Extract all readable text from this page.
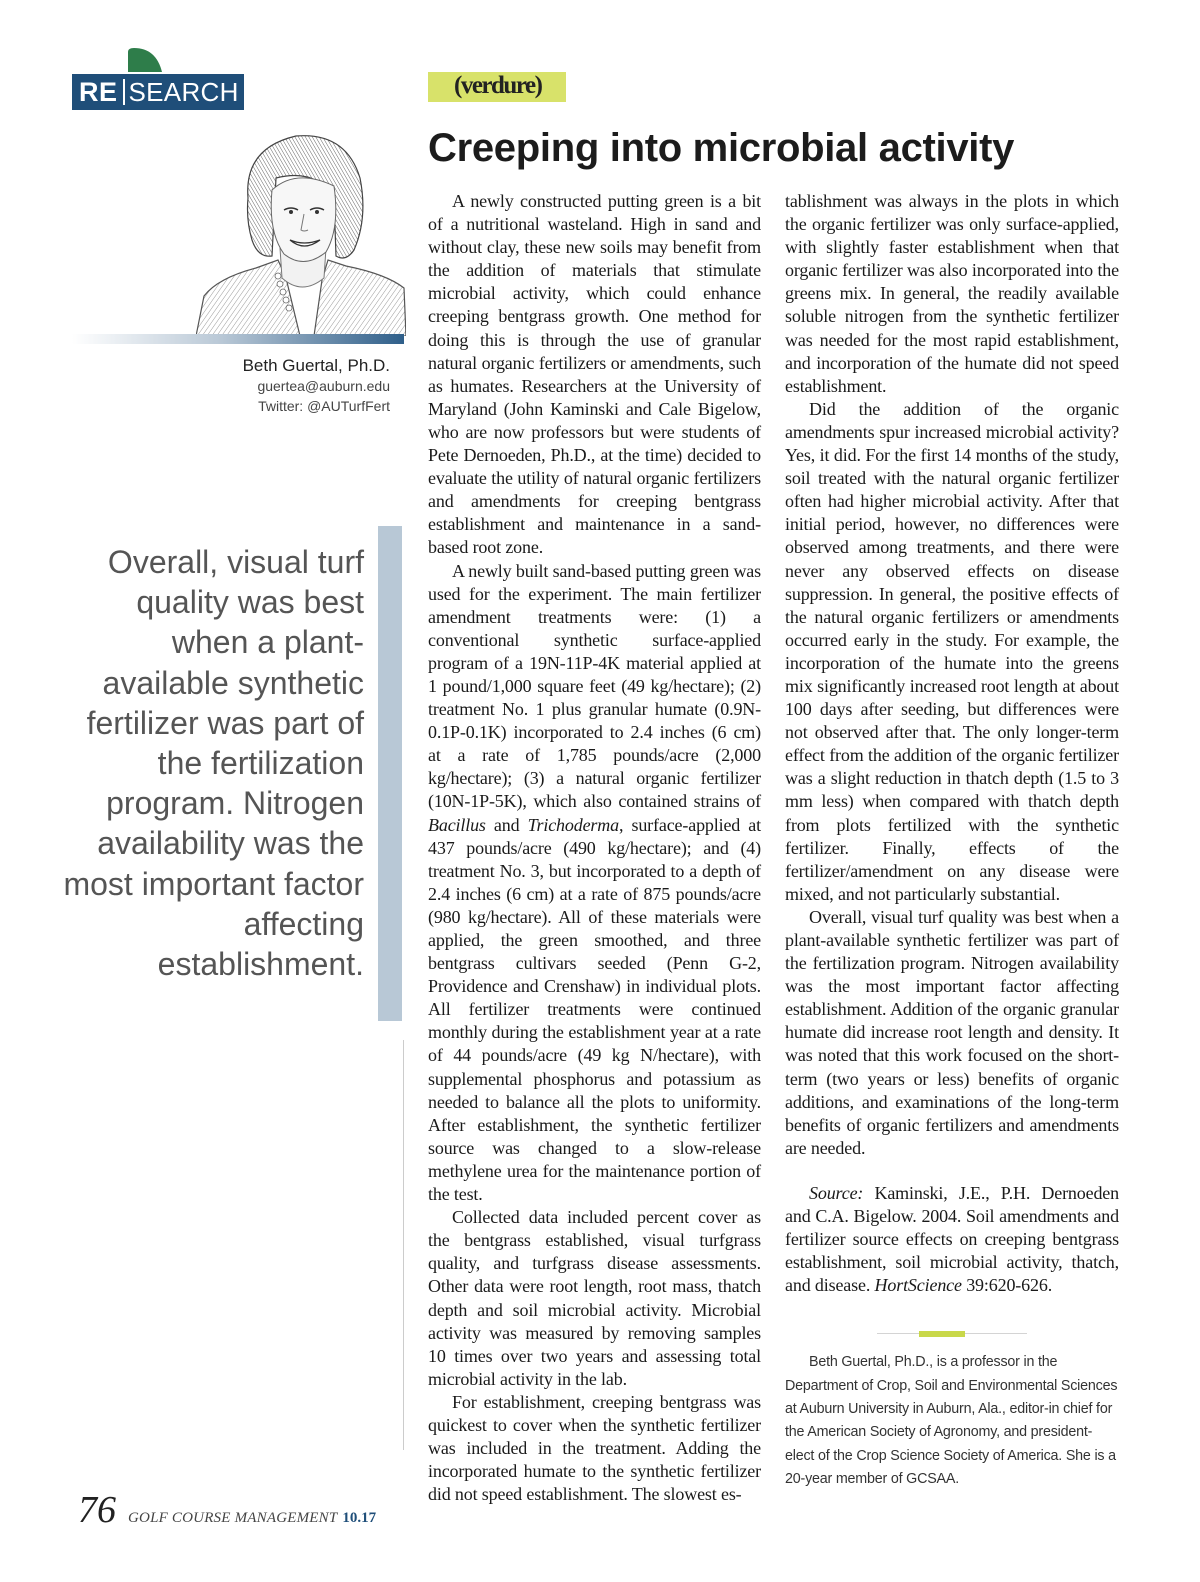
RE SEARCH	(verdure)
Creeping into microbial activity
Beth Guertal, Ph.D.
guertea@auburn.edu
Twitter: @AUTurfFert
Overall, visual turf quality was best when a plant-available synthetic fertilizer was part of the fertilization program. Nitrogen availability was the most important factor affecting establishment.

A newly constructed putting green is a bit of a nutritional wasteland. High in sand and without clay, these new soils may benefit from the addition of materials that stimulate microbial activity, which could enhance creeping bentgrass growth. One method for doing this is through the use of granular natural organic fertilizers or amendments, such as humates. Researchers at the University of Maryland (John Kaminski and Cale Bigelow, who are now professors but were students of Pete Dernoeden, Ph.D., at the time) decided to evaluate the utility of natural organic fertilizers and amendments for creeping bentgrass establishment and maintenance in a sand-based root zone.

A newly built sand-based putting green was used for the experiment. The main fertilizer amendment treatments were: (1) a conventional synthetic surface-applied program of a 19N-11P-4K material applied at 1 pound/1,000 square feet (49 kg/hectare); (2) treatment No. 1 plus granular humate (0.9N-0.1P-0.1K) incorporated to 2.4 inches (6 cm) at a rate of 1,785 pounds/acre (2,000 kg/hectare); (3) a natural organic fertilizer (10N-1P-5K), which also contained strains of Bacillus and Trichoderma, surface-applied at 437 pounds/acre (490 kg/hectare); and (4) treatment No. 3, but incorporated to a depth of 2.4 inches (6 cm) at a rate of 875 pounds/acre (980 kg/hectare). All of these materials were applied, the green smoothed, and three bentgrass cultivars seeded (Penn G-2, Providence and Crenshaw) in individual plots. All fertilizer treatments were continued monthly during the establishment year at a rate of 44 pounds/acre (49 kg N/hectare), with supplemental phosphorus and potassium as needed to balance all the plots to uniformity. After establishment, the synthetic fertilizer source was changed to a slow-release methylene urea for the maintenance portion of the test.

Collected data included percent cover as the bentgrass established, visual turfgrass quality, and turfgrass disease assessments. Other data were root length, root mass, thatch depth and soil microbial activity. Microbial activity was measured by removing samples 10 times over two years and assessing total microbial activity in the lab.

For establishment, creeping bentgrass was quickest to cover when the synthetic fertilizer was included in the treatment. Adding the incorporated humate to the synthetic fertilizer did not speed establishment. The slowest es-

tablishment was always in the plots in which the organic fertilizer was only surface-applied, with slightly faster establishment when that organic fertilizer was also incorporated into the greens mix. In general, the readily available soluble nitrogen from the synthetic fertilizer was needed for the most rapid establishment, and incorporation of the humate did not speed establishment.

Did the addition of the organic amendments spur increased microbial activity? Yes, it did. For the first 14 months of the study, soil treated with the natural organic fertilizer often had higher microbial activity. After that initial period, however, no differences were observed among treatments, and there were never any observed effects on disease suppression. In general, the positive effects of the natural organic fertilizers or amendments occurred early in the study. For example, the incorporation of the humate into the greens mix significantly increased root length at about 100 days after seeding, but differences were not observed after that. The only longer-term effect from the addition of the organic fertilizer was a slight reduction in thatch depth (1.5 to 3 mm less) when compared with thatch depth from plots fertilized with the synthetic fertilizer. Finally, effects of the fertilizer/amendment on any disease were mixed, and not particularly substantial.

Overall, visual turf quality was best when a plant-available synthetic fertilizer was part of the fertilization program. Nitrogen availability was the most important factor affecting establishment. Addition of the organic granular humate did increase root length and density. It was noted that this work focused on the short-term (two years or less) benefits of organic additions, and examinations of the long-term benefits of organic fertilizers and amendments are needed.

Source: Kaminski, J.E., P.H. Dernoeden and C.A. Bigelow. 2004. Soil amendments and fertilizer source effects on creeping bentgrass establishment, soil microbial activity, thatch, and disease. HortScience 39:620-626.

Beth Guertal, Ph.D., is a professor in the Department of Crop, Soil and Environmental Sciences at Auburn University in Auburn, Ala., editor-in chief for the American Society of Agronomy, and president-elect of the Crop Science Society of America. She is a 20-year member of GCSAA.

76 GOLF COURSE MANAGEMENT 10.17
